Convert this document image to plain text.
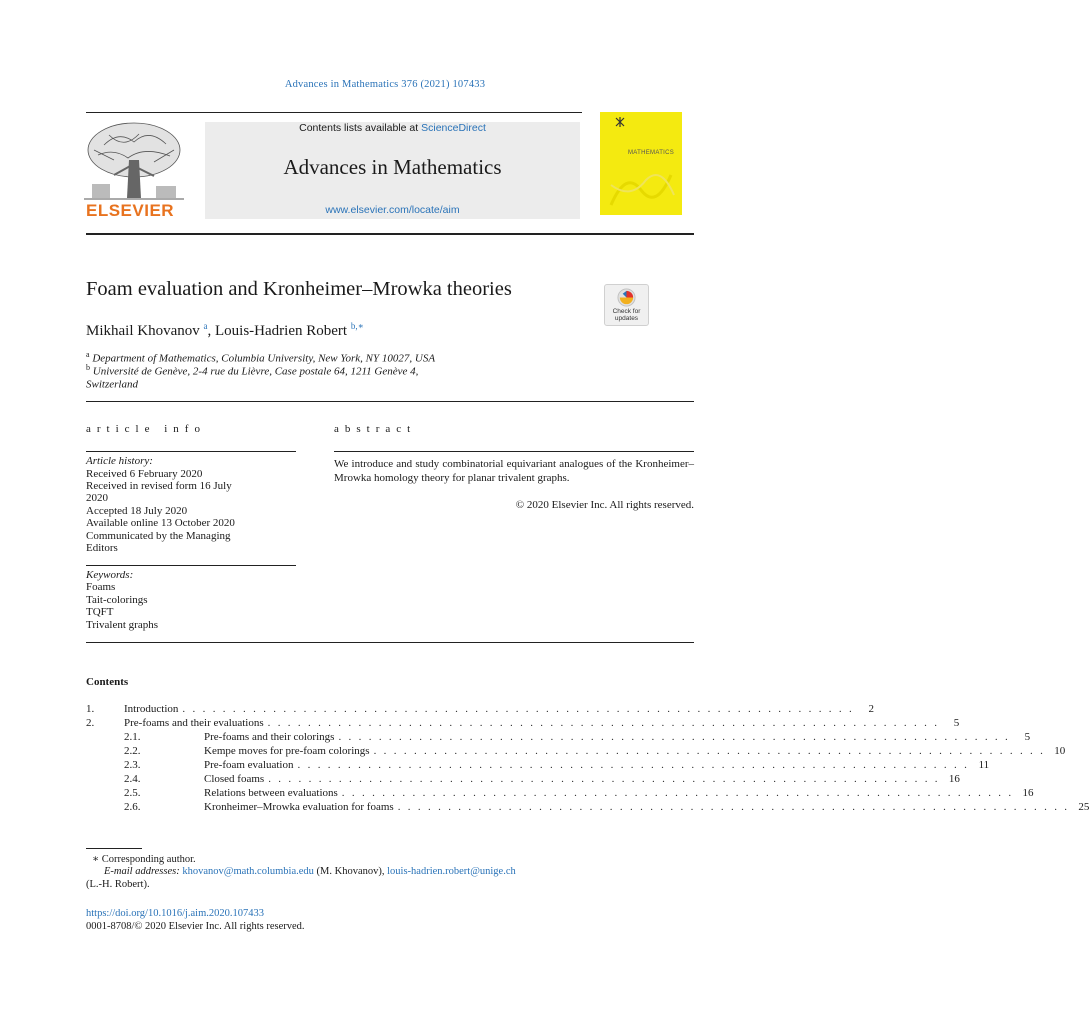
Advances in Mathematics 376 (2021) 107433
ELSEVIER
Contents lists available at ScienceDirect
Advances in Mathematics
www.elsevier.com/locate/aim
MATHEMATICS
Foam evaluation and Kronheimer–Mrowka theories
Check for
updates
Mikhail Khovanov $^a$, Louis-Hadrien Robert $^{b,∗}$
$^a$ Department of Mathematics, Columbia University, New York, NY 10027, USA
$^b$ Université de Genève, 2-4 rue du Lièvre, Case postale 64, 1211 Genève 4,
Switzerland
article info	abstract
Article history:
Received 6 February 2020
Received in revised form 16 July
2020
Accepted 18 July 2020
Available online 13 October 2020
Communicated by the Managing
Editors
Keywords:
Foams
Tait-colorings
TQFT
Trivalent graphs
We introduce and study combinatorial equivariant analogues of the Kronheimer–Mrowka homology theory for planar trivalent graphs.
© 2020 Elsevier Inc. All rights reserved.
Contents
1.	Introduction . . . . . . . . . . . . . . . . . . . . . . . . . . . . . . . . . . . . . . . . . . . . . . . . . . . . . . . . . . . . . . . . . . .	2
2.	Pre-foams and their evaluations . . . . . . . . . . . . . . . . . . . . . . . . . . . . . . . . . . . . . . . . . . . . . . . . . . . . . . . . . . . . . . . . . . .	5
2.1.	Pre-foams and their colorings . . . . . . . . . . . . . . . . . . . . . . . . . . . . . . . . . . . . . . . . . . . . . . . . . . . . . . . . . . . . . . . . . . .	5
2.2.	Kempe moves for pre-foam colorings . . . . . . . . . . . . . . . . . . . . . . . . . . . . . . . . . . . . . . . . . . . . . . . . . . . . . . . . . . . . . . . . . . . 10
2.3.	Pre-foam evaluation . . . . . . . . . . . . . . . . . . . . . . . . . . . . . . . . . . . . . . . . . . . . . . . . . . . . . . . . . . . . . . . . . . . 11
2.4.	Closed foams . . . . . . . . . . . . . . . . . . . . . . . . . . . . . . . . . . . . . . . . . . . . . . . . . . . . . . . . . . . . . . . . . . . 16
2.5.	Relations between evaluations . . . . . . . . . . . . . . . . . . . . . . . . . . . . . . . . . . . . . . . . . . . . . . . . . . . . . . . . . . . . . . . . . . . 16
2.6.	Kronheimer–Mrowka evaluation for foams . . . . . . . . . . . . . . . . . . . . . . . . . . . . . . . . . . . . . . . . . . . . . . . . . . . . . . . . . . . . . . . . . . . 25
∗ Corresponding author.
E-mail addresses: khovanov@math.columbia.edu (M. Khovanov), louis-hadrien.robert@unige.ch
(L.-H. Robert).
https://doi.org/10.1016/j.aim.2020.107433
0001-8708/© 2020 Elsevier Inc. All rights reserved.
